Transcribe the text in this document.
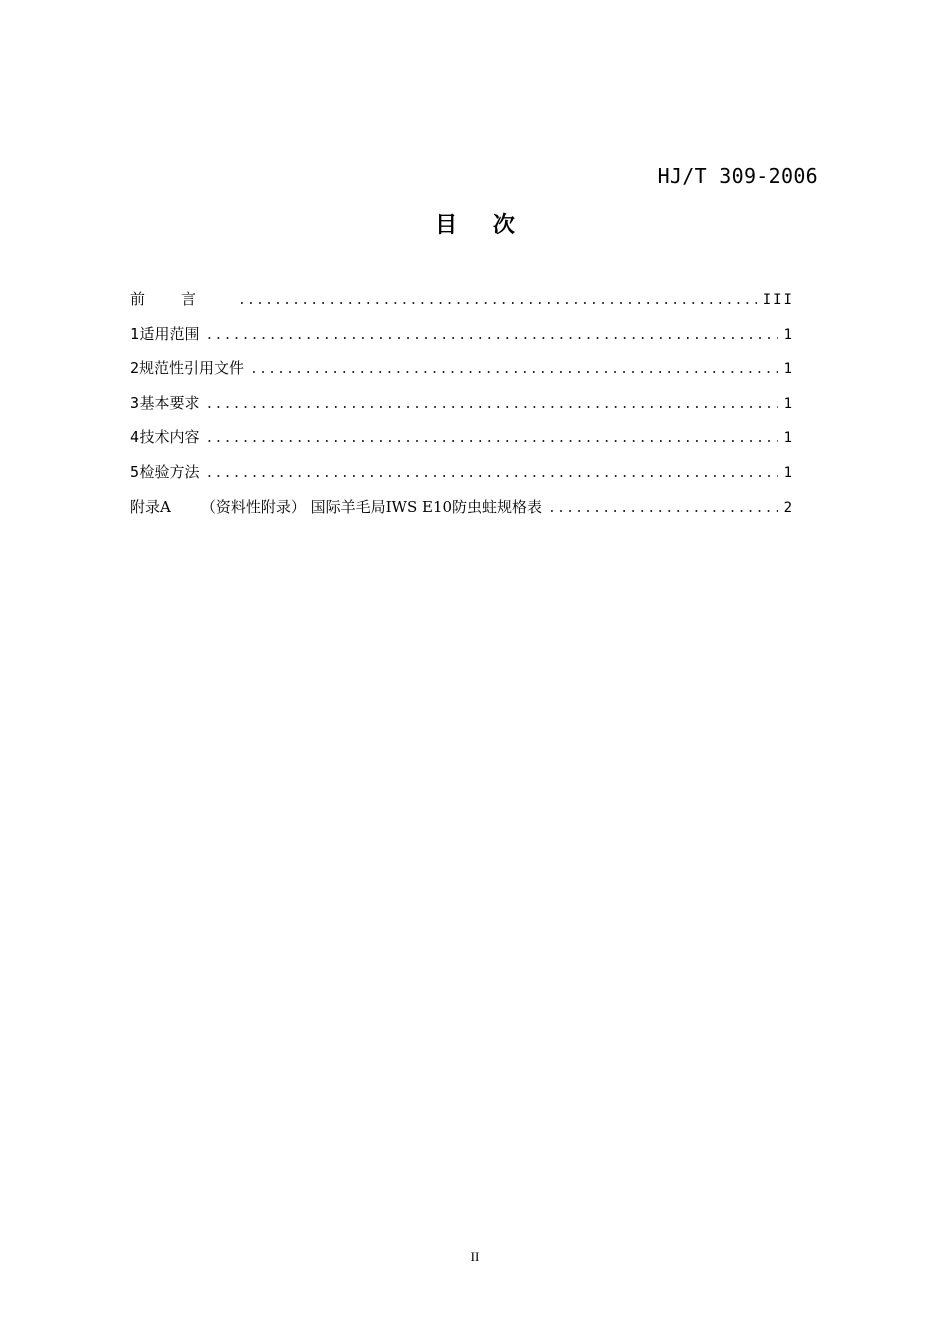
HJ/T 309-2006
目 次
前言 .....	III
1 适用范围 .....	1
2 规范性引用文件 .....	1
3 基本要求 .....	1
4 技术内容 .....	1
5 检验方法 .....	1
附录A （资料性附录） 国际羊毛局IWS E10防虫蛀规格表 .....	2
II
